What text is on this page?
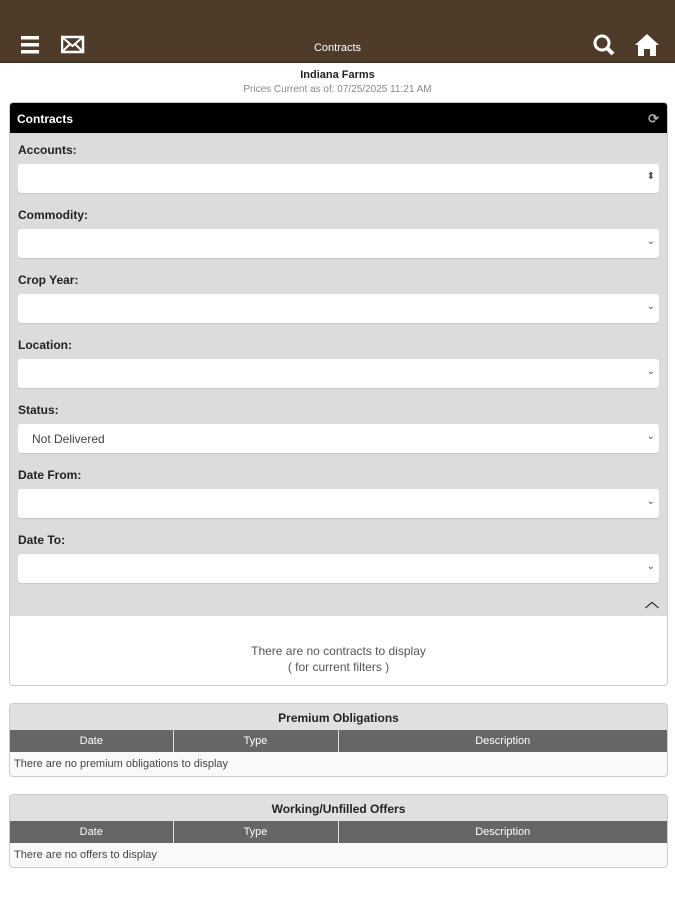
Contracts
Indiana Farms
Prices Current as of: 07/25/2025 11:21 AM
Contracts	⟳
Accounts:
⬍
Commodity:
⌄
Crop Year:
⌄
Location:
⌄
Status:
Not Delivered	⌄
Date From:
⌄
Date To:
⌄
︿
There are no contracts to display
( for current filters )
Premium Obligations
Date	Type	Description
There are no premium obligations to display
Working/Unfilled Offers
Date	Type	Description
There are no offers to display
